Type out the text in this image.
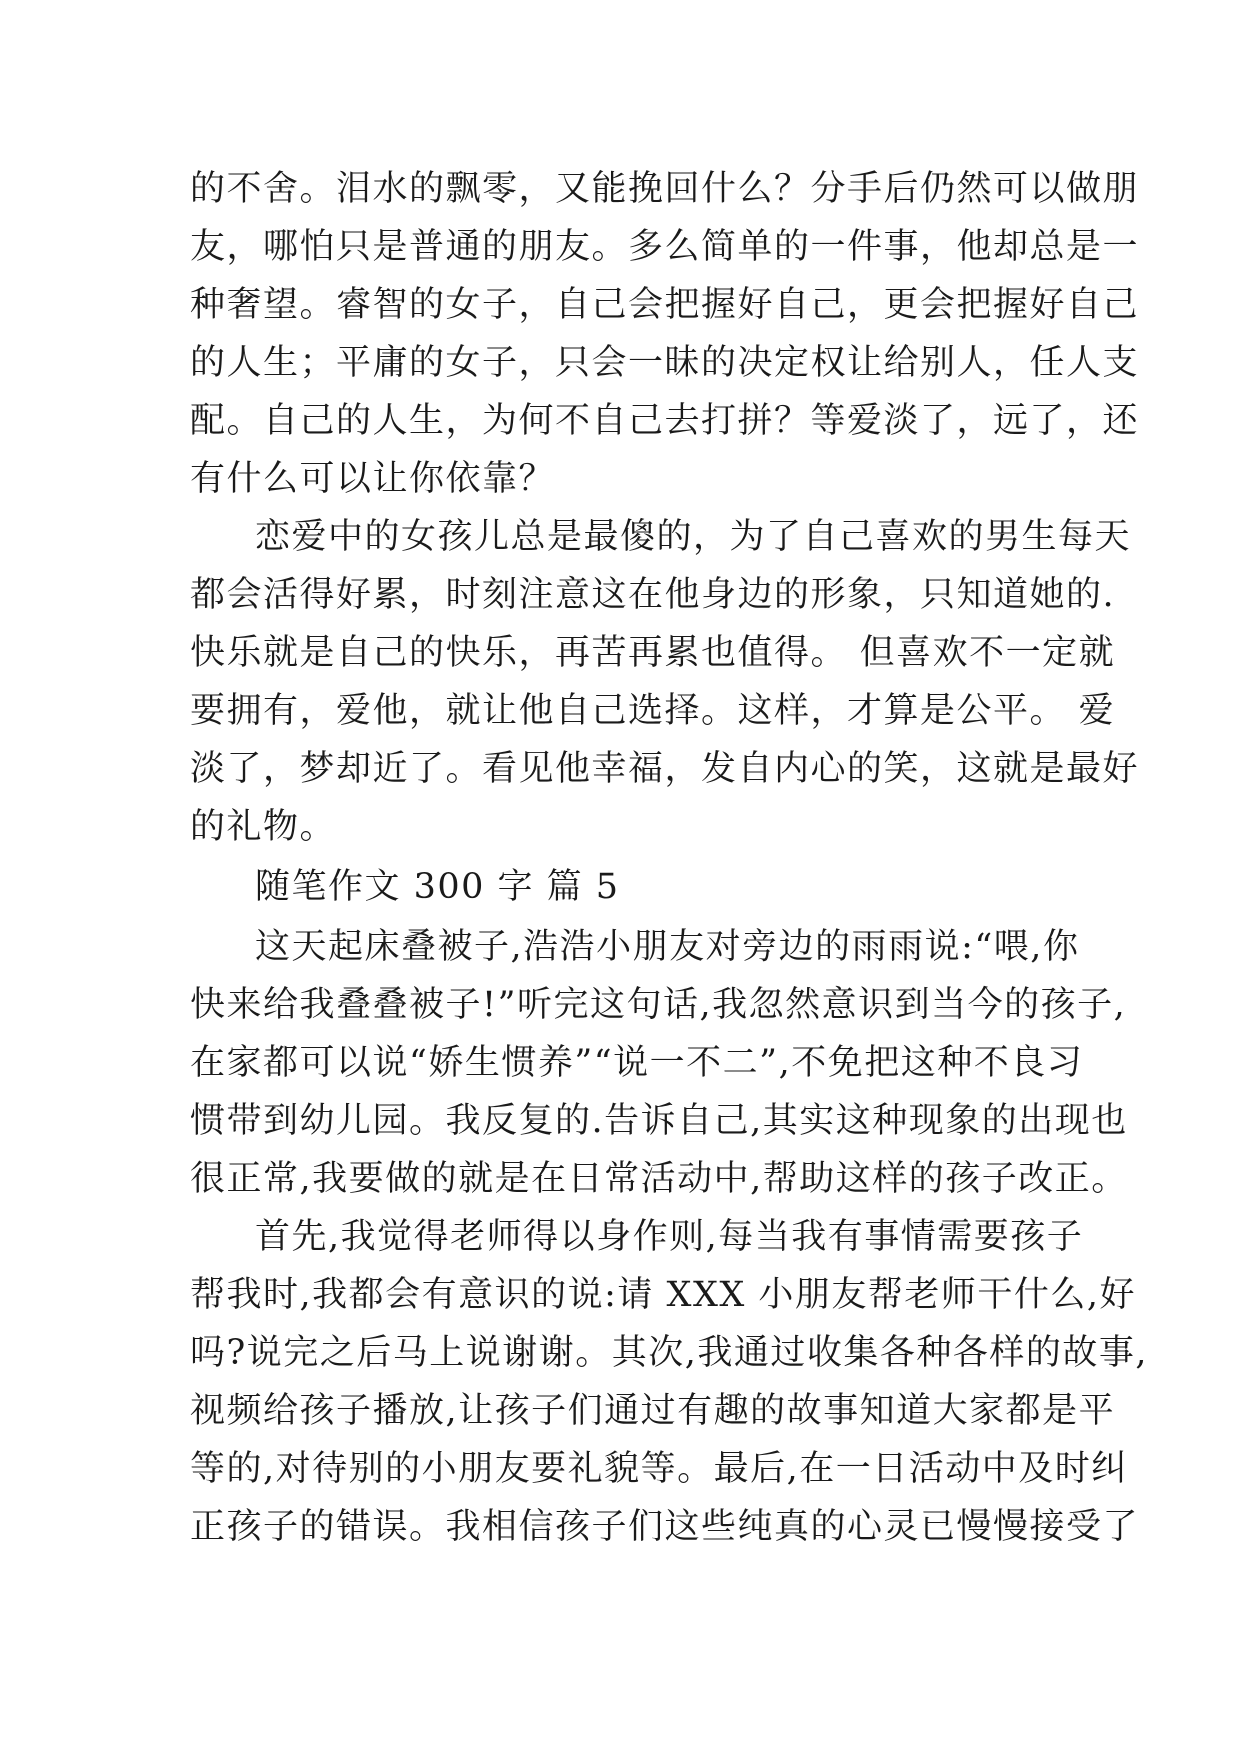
的不舍。泪水的飘零，又能挽回什么？分手后仍然可以做朋

友，哪怕只是普通的朋友。多么简单的一件事，他却总是一

种奢望。睿智的女子，自己会把握好自己，更会把握好自己

的人生；平庸的女子，只会一昧的决定权让给别人，任人支

配。自己的人生，为何不自己去打拼？等爱淡了，远了，还

有什么可以让你依靠？

恋爱中的女孩儿总是最傻的，为了自己喜欢的男生每天

都会活得好累，时刻注意这在他身边的形象，只知道她的.

快乐就是自己的快乐，再苦再累也值得。 但喜欢不一定就

要拥有，爱他，就让他自己选择。这样，才算是公平。 爱

淡了，梦却近了。看见他幸福，发自内心的笑，这就是最好

的礼物。

随笔作文 300 字 篇 5

这天起床叠被子,浩浩小朋友对旁边的雨雨说:“喂,你

快来给我叠叠被子!”听完这句话,我忽然意识到当今的孩子,

在家都可以说“娇生惯养”“说一不二”,不免把这种不良习

惯带到幼儿园。我反复的.告诉自己,其实这种现象的出现也

很正常,我要做的就是在日常活动中,帮助这样的孩子改正。

首先,我觉得老师得以身作则,每当我有事情需要孩子

帮我时,我都会有意识的说:请 XXX 小朋友帮老师干什么,好

吗?说完之后马上说谢谢。其次,我通过收集各种各样的故事,

视频给孩子播放,让孩子们通过有趣的故事知道大家都是平

等的,对待别的小朋友要礼貌等。最后,在一日活动中及时纠

正孩子的错误。我相信孩子们这些纯真的心灵已慢慢接受了
